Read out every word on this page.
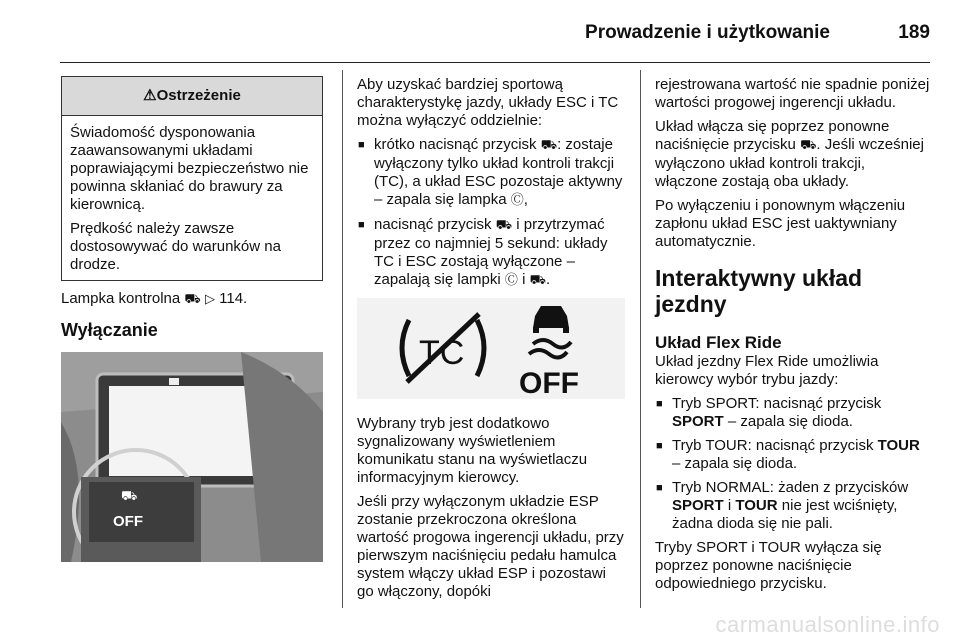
Prowadzenie i użytkowanie	189
⚠Ostrzeżenie

Świadomość dysponowania zaawansowanymi układami poprawiającymi bezpieczeństwo nie powinna skłaniać do brawury za kierownicą.

Prędkość należy zawsze dostosowywać do warunków na drodze.

Lampka kontrolna ⛟ ▷ 114.

Wyłączanie
⛟
OFF

Aby uzyskać bardziej sportową charakterystykę jazdy, układy ESC i TC można wyłączyć oddzielnie:

■ krótko nacisnąć przycisk ⛟: zostaje wyłączony tylko układ kontroli trakcji (TC), a układ ESC pozostaje aktywny – zapala się lampka Ⓒ,
■ nacisnąć przycisk ⛟ i przytrzymać przez co najmniej 5 sekund: układy TC i ESC zostają wyłączone – zapalają się lampki Ⓒ i ⛟.
TC
OFF

Wybrany tryb jest dodatkowo sygnalizowany wyświetleniem komunikatu stanu na wyświetlaczu informacyjnym kierowcy.

Jeśli przy wyłączonym układzie ESP zostanie przekroczona określona wartość progowa ingerencji układu, przy pierwszym naciśnięciu pedału hamulca system włączy układ ESP i pozostawi go włączony, dopóki

rejestrowana wartość nie spadnie poniżej wartości progowej ingerencji układu.

Układ włącza się poprzez ponowne naciśnięcie przycisku ⛟. Jeśli wcześniej wyłączono układ kontroli trakcji, włączone zostają oba układy.

Po wyłączeniu i ponownym włączeniu zapłonu układ ESC jest uaktywniany automatycznie.

Interaktywny układ jezdny
Układ Flex Ride

Układ jezdny Flex Ride umożliwia kierowcy wybór trybu jazdy:

■ Tryb SPORT: nacisnąć przycisk SPORT – zapala się dioda.
■ Tryb TOUR: nacisnąć przycisk TOUR – zapala się dioda.
■ Tryb NORMAL: żaden z przycisków SPORT i TOUR nie jest wciśnięty, żadna dioda się nie pali.

Tryby SPORT i TOUR wyłącza się poprzez ponowne naciśnięcie odpowiedniego przycisku.

carmanualsonline.info
